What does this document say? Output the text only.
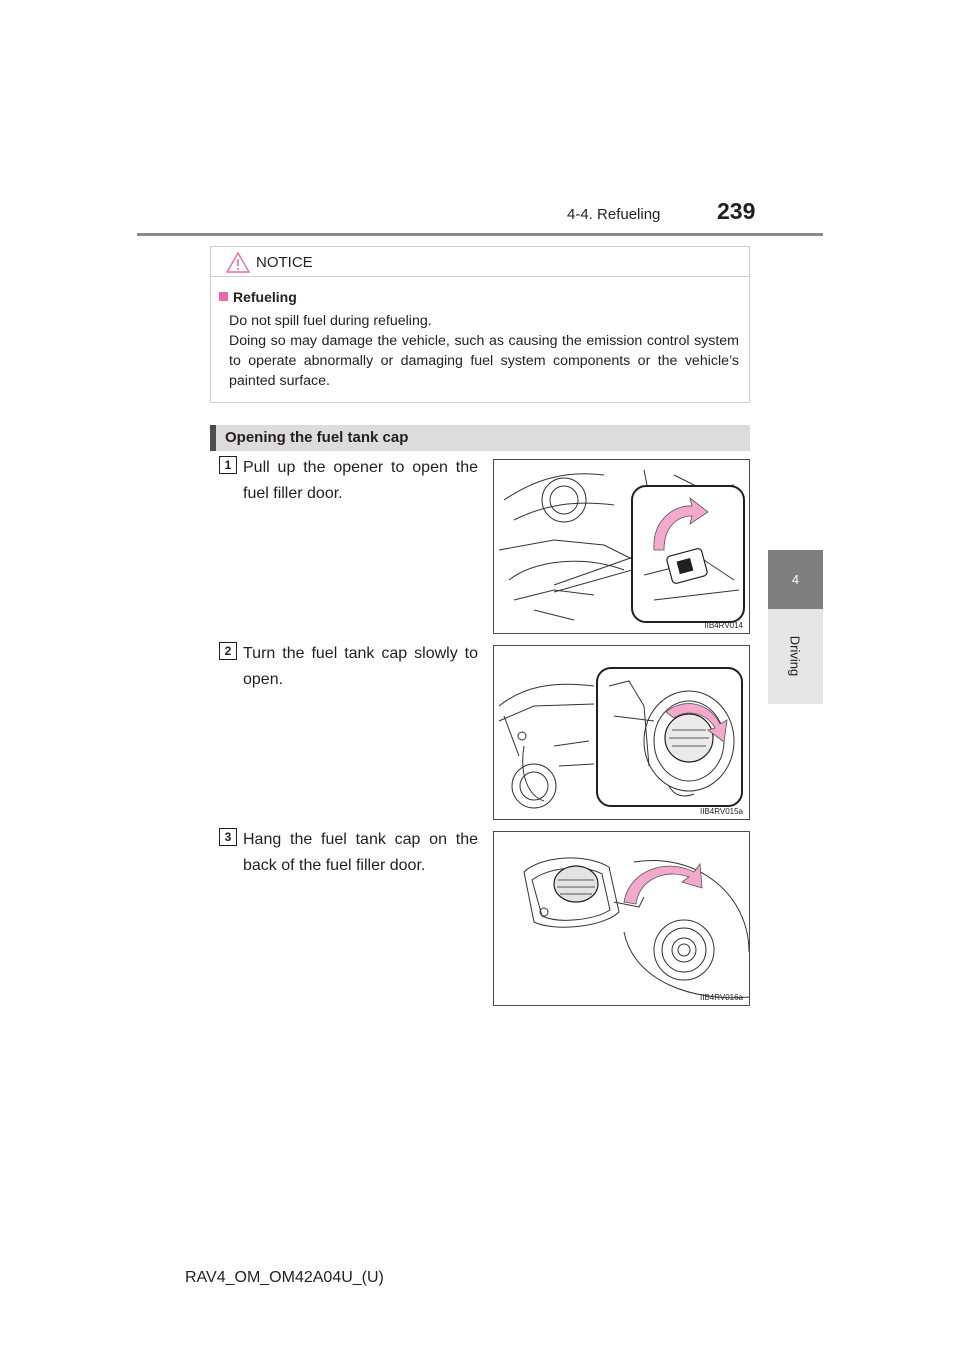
4-4. Refueling 239
4
Driving
NOTICE
Refueling

Do not spill fuel during refueling.

Doing so may damage the vehicle, such as causing the emission control system to operate abnormally or damaging fuel system components or the vehicle’s painted surface.

Opening the fuel tank cap
1 Pull up the opener to open the fuel filler door.
IIB4RV014
2 Turn the fuel tank cap slowly to open.
IIB4RV015a
3 Hang the fuel tank cap on the back of the fuel filler door.
IIB4RV016a
RAV4_OM_OM42A04U_(U)
